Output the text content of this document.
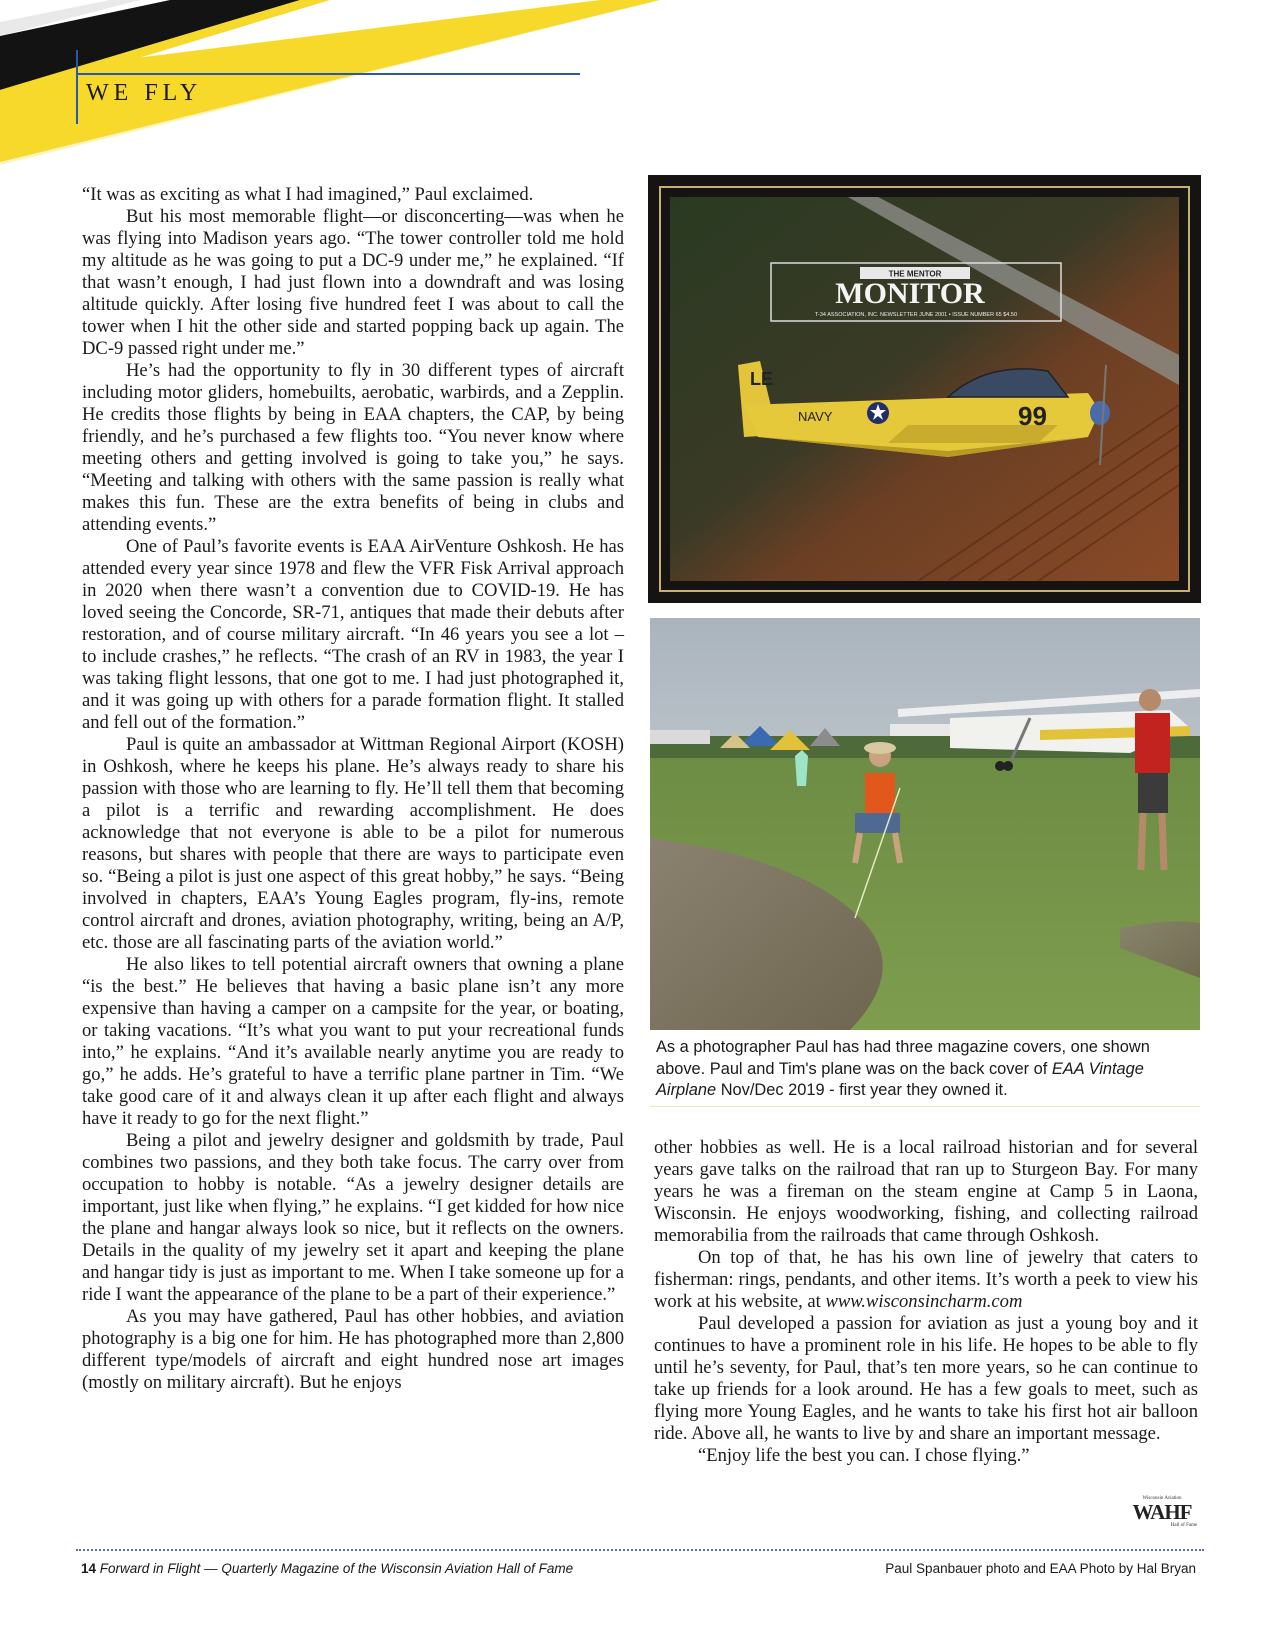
WE FLY

“It was as exciting as what I had imagined,” Paul exclaimed.

But his most memorable flight—or disconcerting—was when he was flying into Madison years ago. “The tower controller told me hold my altitude as he was going to put a DC-9 under me,” he explained. “If that wasn’t enough, I had just flown into a downdraft and was losing altitude quickly. After losing five hundred feet I was about to call the tower when I hit the other side and started popping back up again. The DC-9 passed right under me.”

He’s had the opportunity to fly in 30 different types of aircraft including motor gliders, homebuilts, aerobatic, warbirds, and a Zepplin. He credits those flights by being in EAA chapters, the CAP, by being friendly, and he’s purchased a few flights too. “You never know where meeting others and getting involved is going to take you,” he says. “Meeting and talking with others with the same passion is really what makes this fun. These are the extra benefits of being in clubs and attending events.”

One of Paul’s favorite events is EAA AirVenture Oshkosh. He has attended every year since 1978 and flew the VFR Fisk Arrival approach in 2020 when there wasn’t a convention due to COVID-19. He has loved seeing the Concorde, SR-71, antiques that made their debuts after restoration, and of course military aircraft. “In 46 years you see a lot – to include crashes,” he reflects. “The crash of an RV in 1983, the year I was taking flight lessons, that one got to me. I had just photographed it, and it was going up with others for a parade formation flight. It stalled and fell out of the formation.”

Paul is quite an ambassador at Wittman Regional Airport (KOSH) in Oshkosh, where he keeps his plane. He’s always ready to share his passion with those who are learning to fly. He’ll tell them that becoming a pilot is a terrific and rewarding accomplishment. He does acknowledge that not everyone is able to be a pilot for numerous reasons, but shares with people that there are ways to participate even so. “Being a pilot is just one aspect of this great hobby,” he says. “Being involved in chapters, EAA’s Young Eagles program, fly-ins, remote control aircraft and drones, aviation photography, writing, being an A/P, etc. those are all fascinating parts of the aviation world.”

He also likes to tell potential aircraft owners that owning a plane “is the best.” He believes that having a basic plane isn’t any more expensive than having a camper on a campsite for the year, or boating, or taking vacations. “It’s what you want to put your recreational funds into,” he explains. “And it’s available nearly anytime you are ready to go,” he adds. He’s grateful to have a terrific plane partner in Tim. “We take good care of it and always clean it up after each flight and always have it ready to go for the next flight.”

Being a pilot and jewelry designer and goldsmith by trade, Paul combines two passions, and they both take focus. The carry over from occupation to hobby is notable. “As a jewelry designer details are important, just like when flying,” he explains. “I get kidded for how nice the plane and hangar always look so nice, but it reflects on the owners. Details in the quality of my jewelry set it apart and keeping the plane and hangar tidy is just as important to me. When I take someone up for a ride I want the appearance of the plane to be a part of their experience.”

As you may have gathered, Paul has other hobbies, and aviation photography is a big one for him. He has photographed more than 2,800 different type/models of aircraft and eight hundred nose art images (mostly on military aircraft). But he enjoys

THE MENTOR
MONITOR
T-34 ASSOCIATION, INC. NEWSLETTER JUNE 2001 • ISSUE NUMBER 65 $4.50
LE
NAVY	99
As a photographer Paul has had three magazine covers, one shown above. Paul and Tim's plane was on the back cover of EAA Vintage Airplane Nov/Dec 2019 - first year they owned it.

other hobbies as well. He is a local railroad historian and for several years gave talks on the railroad that ran up to Sturgeon Bay. For many years he was a fireman on the steam engine at Camp 5 in Laona, Wisconsin. He enjoys woodworking, fishing, and collecting railroad memorabilia from the railroads that came through Oshkosh.

On top of that, he has his own line of jewelry that caters to fisherman: rings, pendants, and other items. It’s worth a peek to view his work at his website, at www.wisconsincharm.com

Paul developed a passion for aviation as just a young boy and it continues to have a prominent role in his life. He hopes to be able to fly until he’s seventy, for Paul, that’s ten more years, so he can continue to take up friends for a look around. He has a few goals to meet, such as flying more Young Eagles, and he wants to take his first hot air balloon ride. Above all, he wants to live by and share an important message.

“Enjoy life the best you can. I chose flying.”

Wisconsin Aviation
WAHF
Hall of Fame
14 Forward in Flight — Quarterly Magazine of the Wisconsin Aviation Hall of Fame	Paul Spanbauer photo and EAA Photo by Hal Bryan
